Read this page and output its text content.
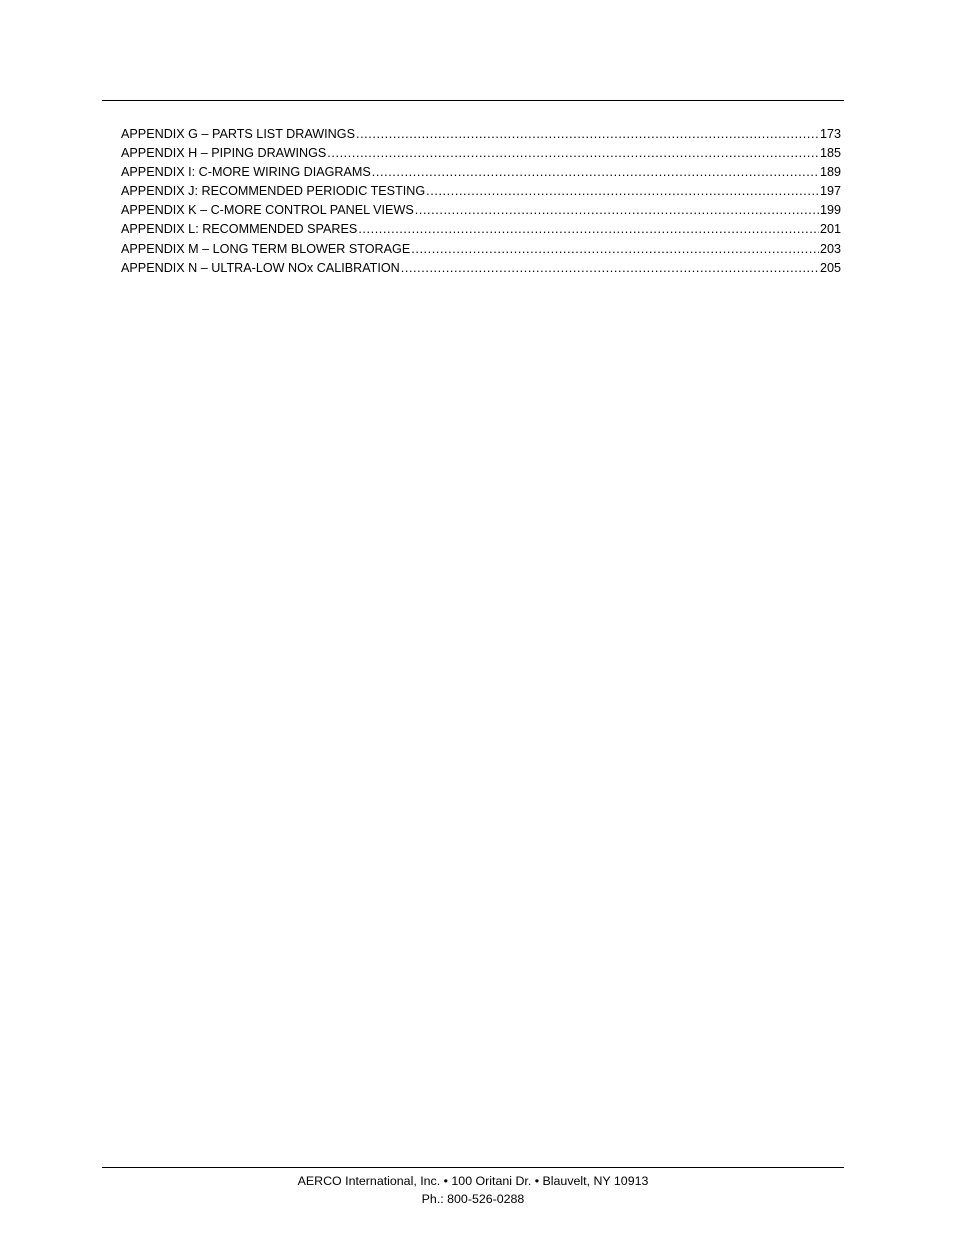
APPENDIX G – PARTS LIST DRAWINGS .....	173
APPENDIX H – PIPING DRAWINGS .....	185
APPENDIX I: C-MORE WIRING DIAGRAMS .....	189
APPENDIX J: RECOMMENDED PERIODIC TESTING .....	197
APPENDIX K – C-MORE CONTROL PANEL VIEWS .....	199
APPENDIX L: RECOMMENDED SPARES .....	201
APPENDIX M – LONG TERM BLOWER STORAGE .....	203
APPENDIX N – ULTRA-LOW NOx CALIBRATION .....	205
AERCO International, Inc. • 100 Oritani Dr. • Blauvelt, NY 10913
Ph.: 800-526-0288
